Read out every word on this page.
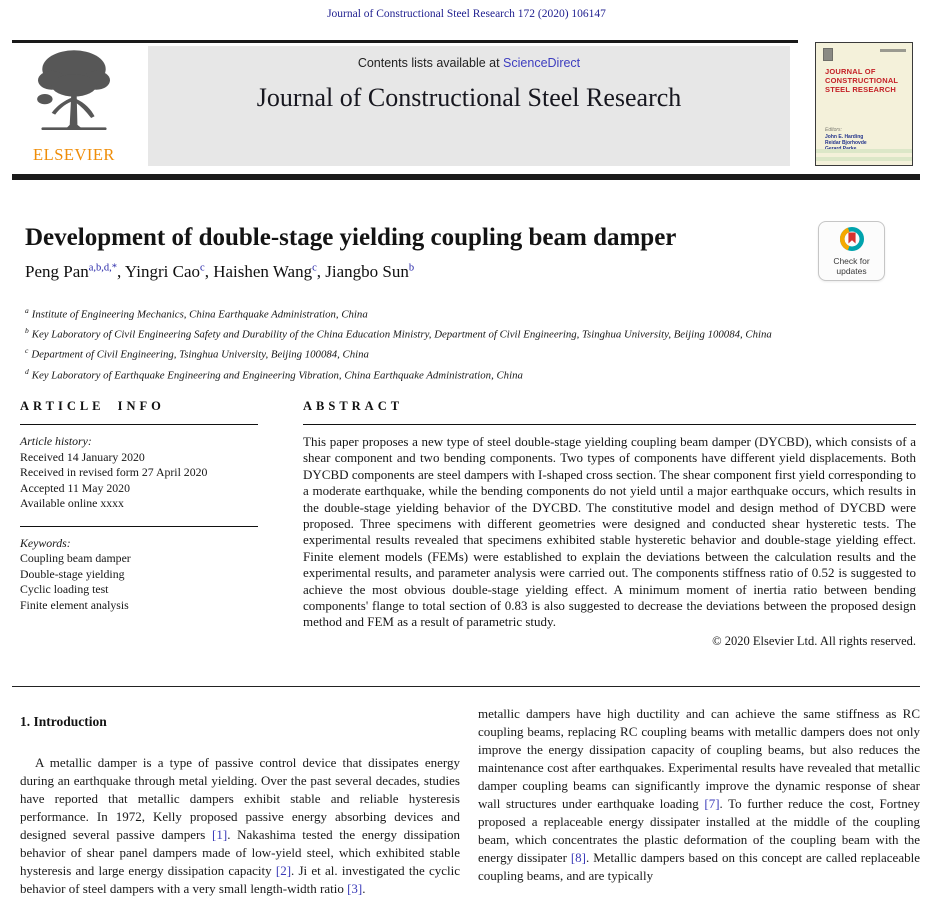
Journal of Constructional Steel Research 172 (2020) 106147
ELSEVIER
Contents lists available at ScienceDirect
Journal of Constructional Steel Research
JOURNAL OF
CONSTRUCTIONAL
STEEL RESEARCH
Editors:
John E. Harding
Reidar Bjorhovde
Development of double-stage yielding coupling beam damper
Check for updates
Peng Pan$^{a,b,d,*}$, Yingri Cao$^c$, Haishen Wang$^c$, Jiangbo Sun$^b$
$^a$ Institute of Engineering Mechanics, China Earthquake Administration, China
$^b$ Key Laboratory of Civil Engineering Safety and Durability of the China Education Ministry, Department of Civil Engineering, Tsinghua University, Beijing 100084, China
$^c$ Department of Civil Engineering, Tsinghua University, Beijing 100084, China
$^d$ Key Laboratory of Earthquake Engineering and Engineering Vibration, China Earthquake Administration, China
ARTICLE INFO
Article history:
Received 14 January 2020
Received in revised form 27 April 2020
Accepted 11 May 2020
Available online xxxx
Keywords:
Coupling beam damper
Double-stage yielding
Cyclic loading test
Finite element analysis
ABSTRACT
This paper proposes a new type of steel double-stage yielding coupling beam damper (DYCBD), which consists of a shear component and two bending components. Two types of components have different yield displacements. Both DYCBD components are steel dampers with I-shaped cross section. The shear component first yield corresponding to a moderate earthquake, while the bending components do not yield until a major earthquake occurs, which results in the double-stage yielding behavior of the DYCBD. The constitutive model and design method of DYCBD were proposed. Three specimens with different geometries were designed and conducted shear hysteretic tests. The experimental results revealed that specimens exhibited stable hysteretic behavior and double-stage yielding effect. Finite element models (FEMs) were established to explain the deviations between the calculation results and the experimental results, and parameter analysis were carried out. The components stiffness ratio of 0.52 is suggested to achieve the most obvious double-stage yielding effect. A minimum moment of inertia ratio between bending components' flange to total section of 0.83 is also suggested to decrease the deviations between the proposed design method and FEM as a result of parametric study.
© 2020 Elsevier Ltd. All rights reserved.
1. Introduction

A metallic damper is a type of passive control device that dissipates energy during an earthquake through metal yielding. Over the past several decades, studies have reported that metallic dampers exhibit stable and reliable hysteresis performance. In 1972, Kelly proposed passive energy absorbing devices and designed several passive dampers [1]. Nakashima tested the energy dissipation behavior of shear panel dampers made of low-yield steel, which exhibited stable hysteresis and large energy dissipation capacity [2]. Ji et al. investigated the cyclic behavior of steel dampers with a very small length-width ratio [3].

metallic dampers have high ductility and can achieve the same stiffness as RC coupling beams, replacing RC coupling beams with metallic dampers does not only improve the energy dissipation capacity of coupling beams, but also reduces the maintenance cost after earthquakes. Experimental results have revealed that metallic damper coupling beams can significantly improve the dynamic response of shear wall structures under earthquake loading [7]. To further reduce the cost, Fortney proposed a replaceable energy dissipater installed at the middle of the coupling beam, which concentrates the plastic deformation of the coupling beam with the energy dissipater [8]. Metallic dampers based on this concept are called replaceable coupling beams, and are typically
